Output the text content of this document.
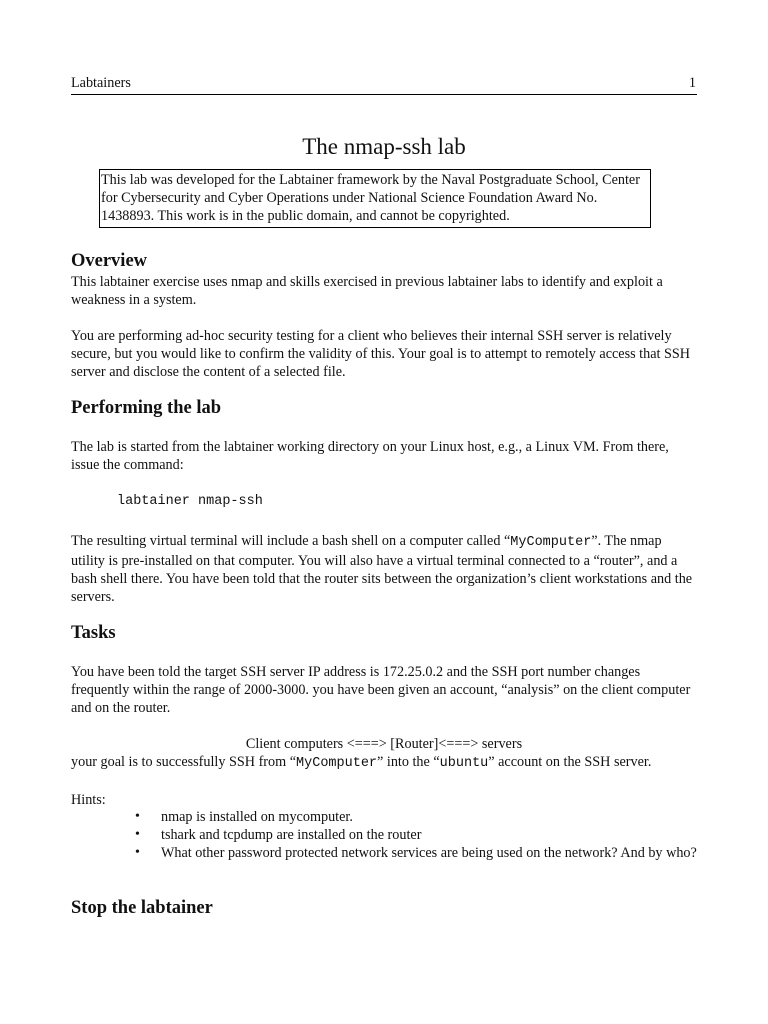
Labtainers	1
The nmap-ssh lab
This lab was developed for the Labtainer framework by the Naval Postgraduate School, Center for Cybersecurity and Cyber Operations under National Science Foundation Award No. 1438893. This work is in the public domain, and cannot be copyrighted.
Overview
This labtainer exercise uses nmap and skills exercised in previous labtainer labs to identify and exploit a weakness in a system.
You are performing ad-hoc security testing for a client who believes their internal SSH server is relatively secure, but you would like to confirm the validity of this. Your goal is to attempt to remotely access that SSH server and disclose the content of a selected file.
Performing the lab
The lab is started from the labtainer working directory on your Linux host, e.g., a Linux VM. From there, issue the command:
labtainer nmap-ssh
The resulting virtual terminal will include a bash shell on a computer called “MyComputer”. The nmap utility is pre-installed on that computer. You will also have a virtual terminal connected to a “router”, and a bash shell there. You have been told that the router sits between the organization’s client workstations and the servers.
Tasks
You have been told the target SSH server IP address is 172.25.0.2 and the SSH port number changes frequently within the range of 2000-3000. you have been given an account, “analysis” on the client computer and on the router.
Client computers <===> [Router]<===> servers
your goal is to successfully SSH from “MyComputer” into the “ubuntu” account on the SSH server.
Hints:
• nmap is installed on mycomputer.
• tshark and tcpdump are installed on the router
• What other password protected network services are being used on the network? And by who?
Stop the labtainer
